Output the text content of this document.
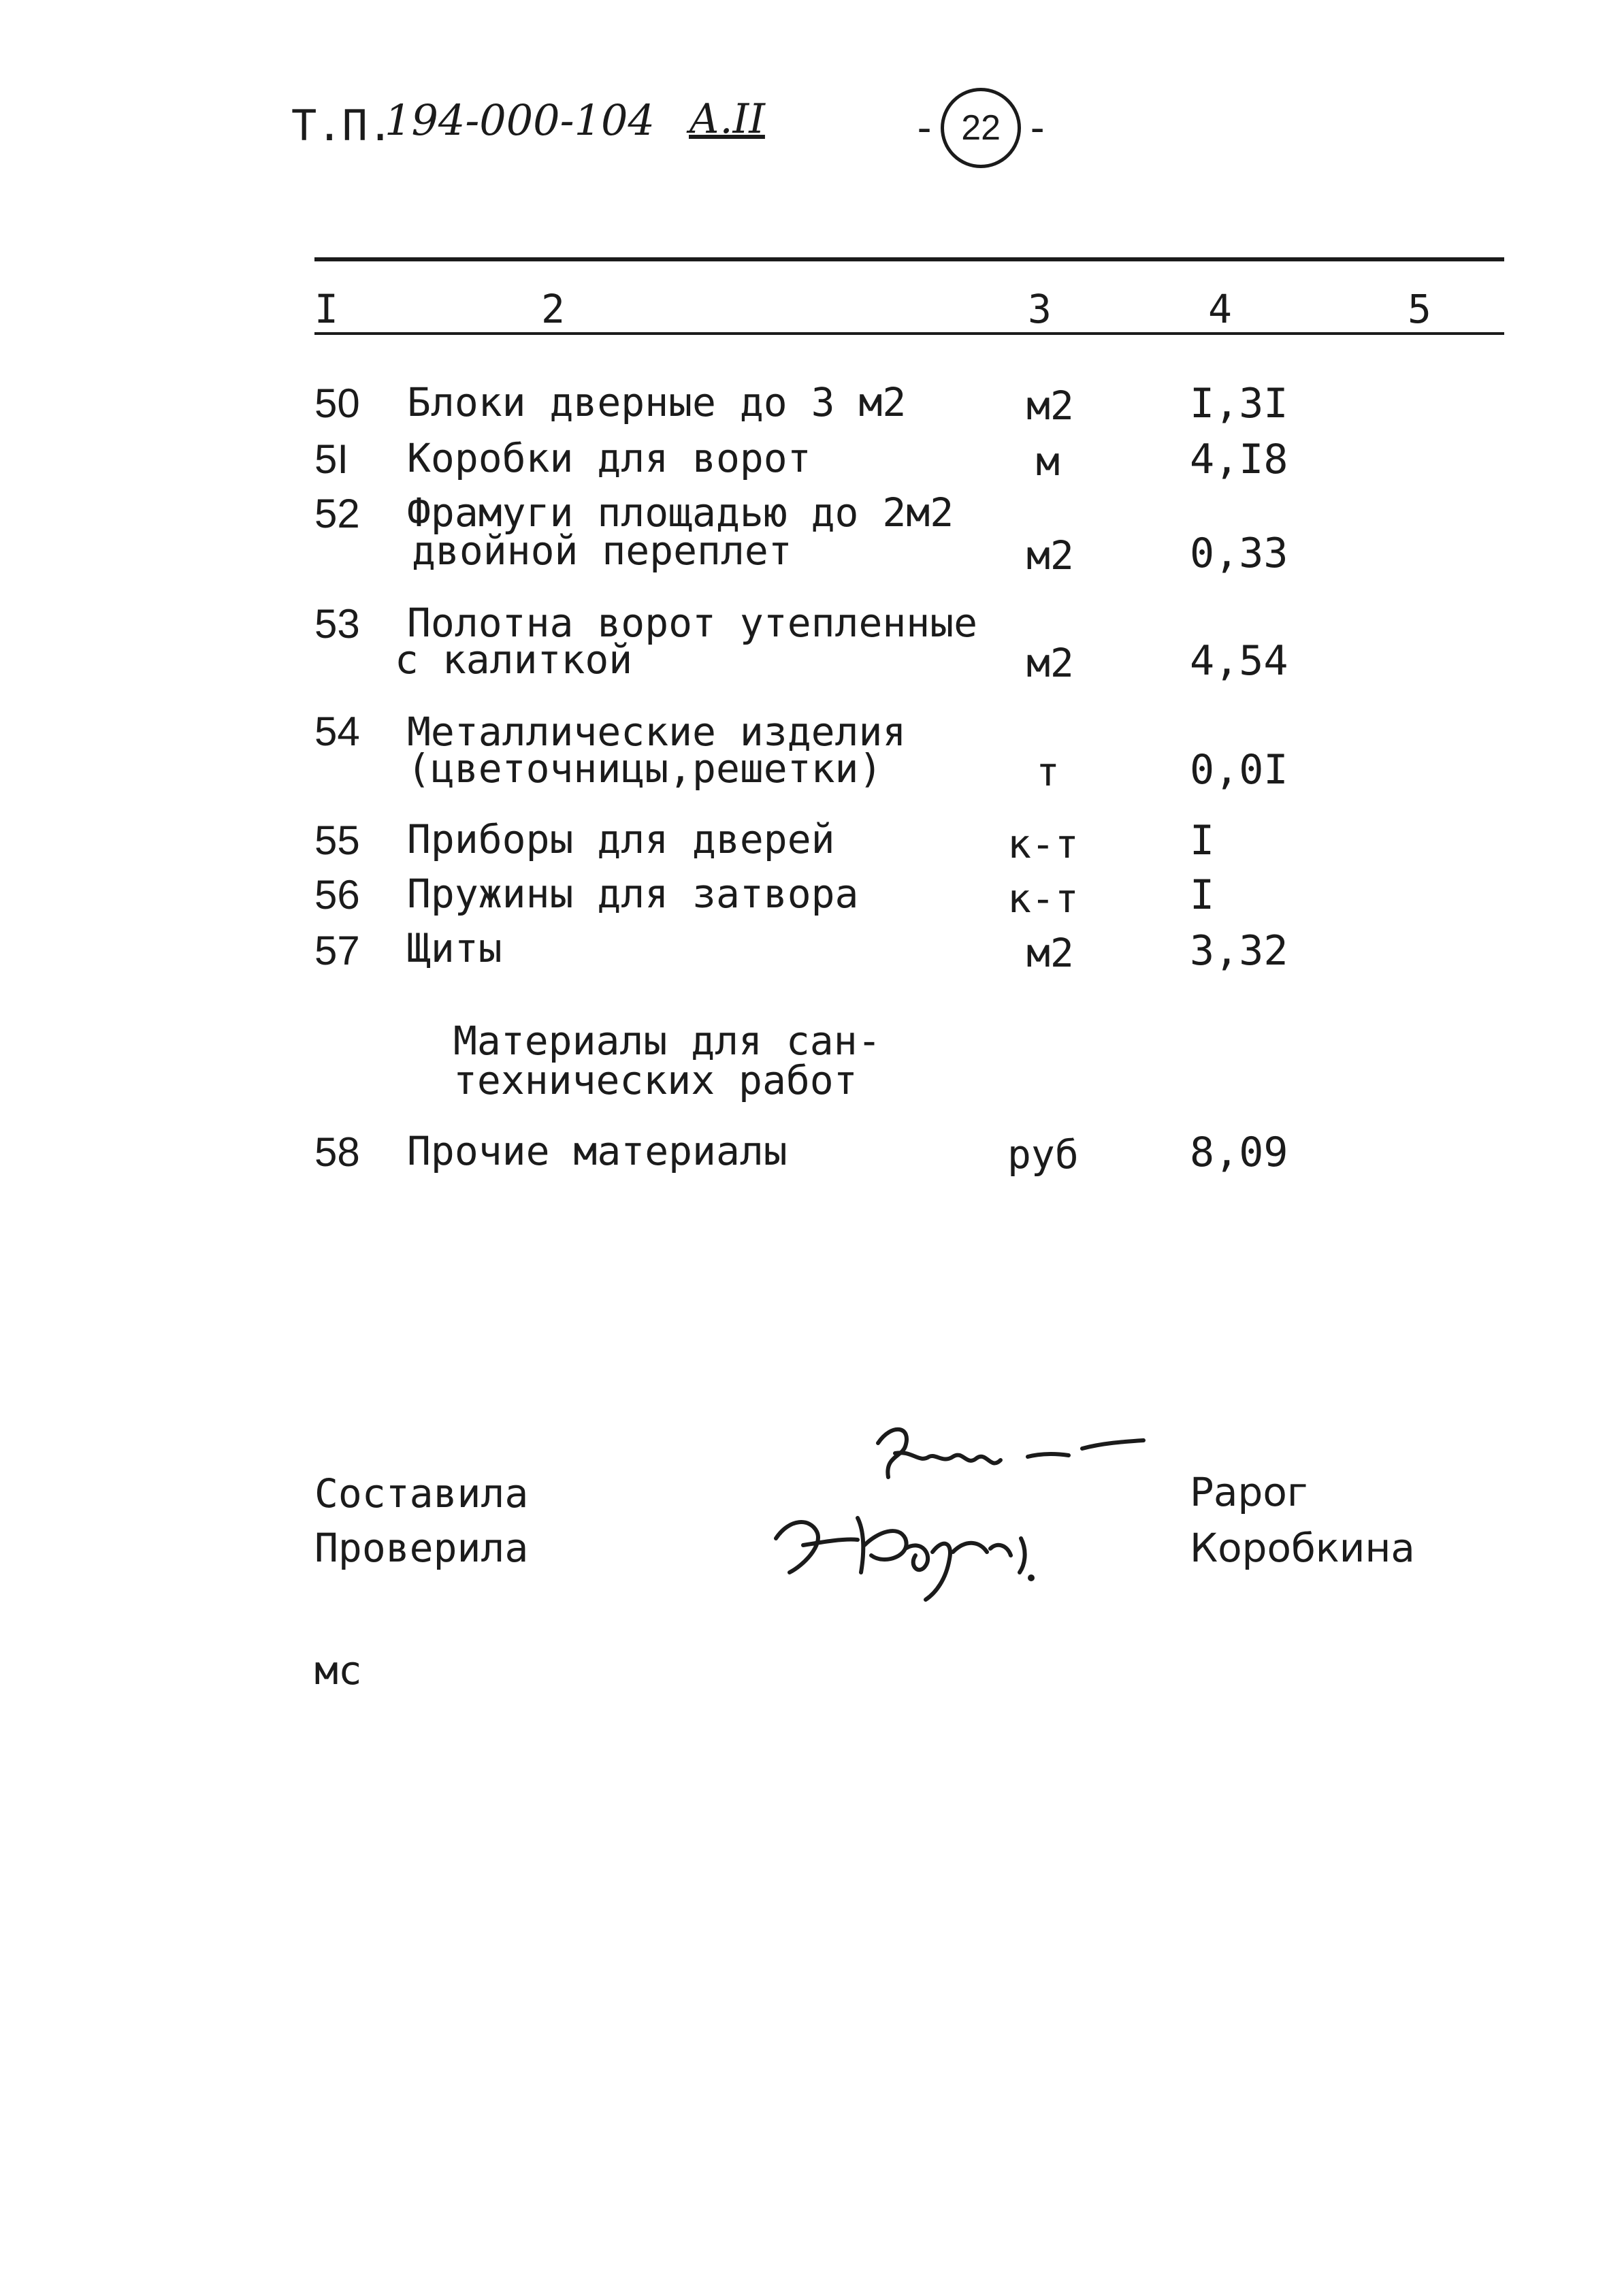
Т.П.
194-000-104 А.II	- 22 -
I	2	3	4	5
50 Блоки дверные до 3 м2	м2	I,3I
5I Коробки для ворот	м	4,I8
52 Фрамуги площадью до 2м2
двойной переплет	м2	0,33
53 Полотна ворот утепленные
с калиткой	м2	4,54
54 Металлические изделия
(цветочницы,решетки)	т	0,0I
55 Приборы для дверей	к-т	I
56 Пружины для затвора	к-т	I
57 Щиты	м2	3,32
Материалы для сан-
технических работ
58 Прочие материалы	руб	8,09
Составила
Проверила
Рарог
Коробкина
мс
